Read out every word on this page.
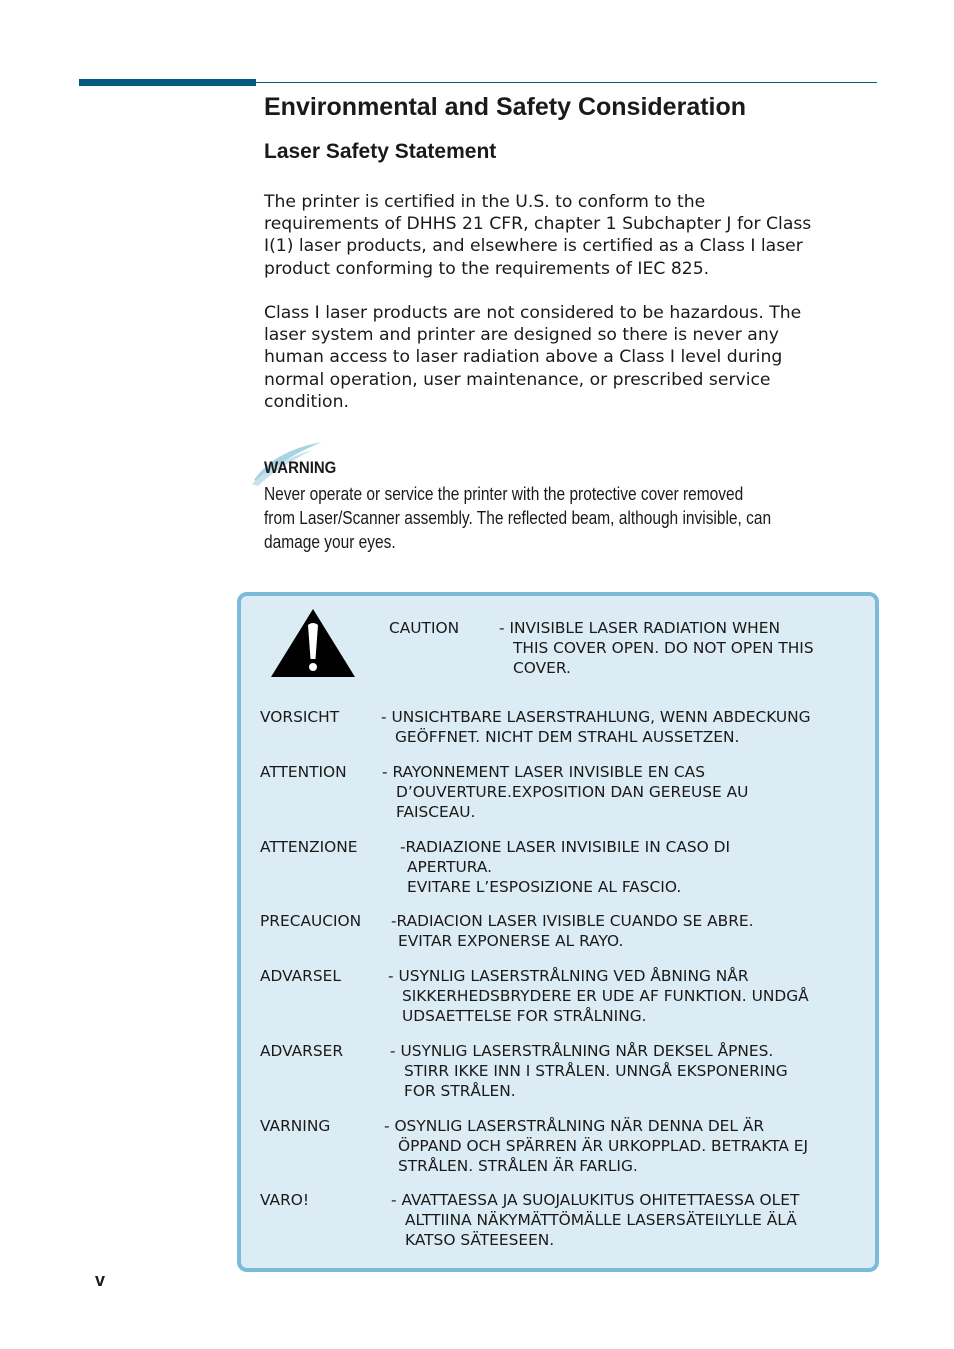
Environmental and Safety Consideration
Laser Safety Statement
The printer is certified in the U.S. to conform to the
requirements of DHHS 21 CFR, chapter 1 Subchapter J for Class
I(1) laser products, and elsewhere is certified as a Class I laser
product conforming to the requirements of IEC 825.
Class I laser products are not considered to be hazardous. The
laser system and printer are designed so there is never any
human access to laser radiation above a Class I level during
normal operation, user maintenance, or prescribed service
condition.
WARNING
Never operate or service the printer with the protective cover removed
from Laser/Scanner assembly. The reflected beam, although invisible, can
damage your eyes.
CAUTION	- INVISIBLE LASER RADIATION WHEN
THIS COVER OPEN. DO NOT OPEN THIS
COVER.
VORSICHT	- UNSICHTBARE LASERSTRAHLUNG, WENN ABDECKUNG
GEÖFFNET. NICHT DEM STRAHL AUSSETZEN.
ATTENTION - RAYONNEMENT LASER INVISIBLE EN CAS
D’OUVERTURE.EXPOSITION DAN GEREUSE AU
FAISCEAU.
ATTENZIONE	-RADIAZIONE LASER INVISIBILE IN CASO DI
APERTURA.
EVITARE L’ESPOSIZIONE AL FASCIO.
PRECAUCION -RADIACION LASER IVISIBLE CUANDO SE ABRE.
EVITAR EXPONERSE AL RAYO.
ADVARSEL	- USYNLIG LASERSTRÅLNING VED ÅBNING NÅR
SIKKERHEDSBRYDERE ER UDE AF FUNKTION. UNDGÅ
UDSAETTELSE FOR STRÅLNING.
ADVARSER	- USYNLIG LASERSTRÅLNING NÅR DEKSEL ÅPNES.
STIRR IKKE INN I STRÅLEN. UNNGÅ EKSPONERING
FOR STRÅLEN.
VARNING	- OSYNLIG LASERSTRÅLNING NÄR DENNA DEL ÄR
ÖPPAND OCH SPÄRREN ÄR URKOPPLAD. BETRAKTA EJ
STRÅLEN. STRÅLEN ÄR FARLIG.
VARO!	- AVATTAESSA JA SUOJALUKITUS OHITETTAESSA OLET
ALTTIINA NÄKYMÄTTÖMÄLLE LASERSÄTEILYLLE ÄLÄ
KATSO SÄTEESEEN.
v
